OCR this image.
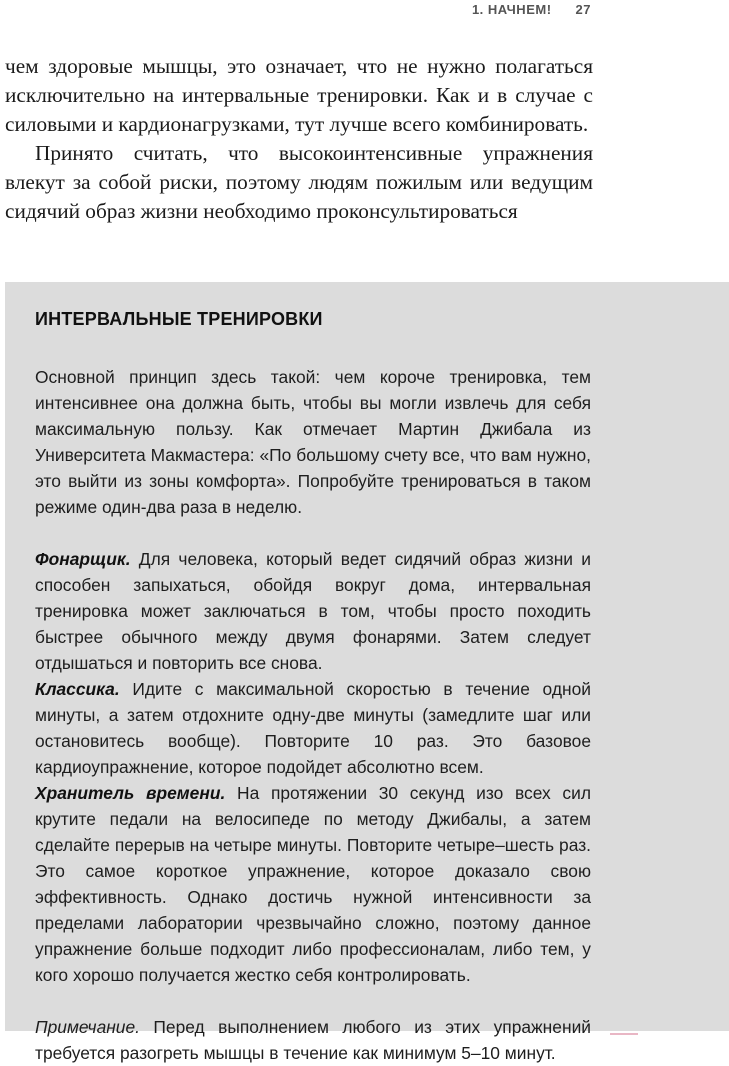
1. НАЧНЕМ! 27

чем здоровые мышцы, это означает, что не нужно полагаться исключительно на интервальные тренировки. Как и в случае с силовыми и кардионагрузками, тут лучше всего комбинировать.

Принято считать, что высокоинтенсивные упражнения влекут за собой риски, поэтому людям пожилым или ведущим сидячий образ жизни необходимо проконсультироваться

ИНТЕРВАЛЬНЫЕ ТРЕНИРОВКИ

Основной принцип здесь такой: чем короче тренировка, тем интенсивнее она должна быть, чтобы вы могли извлечь для себя максимальную пользу. Как отмечает Мартин Джибала из Университета Макмастера: «По большому счету все, что вам нужно, это выйти из зоны комфорта». Попробуйте тренироваться в таком режиме один-два раза в неделю.

Фонарщик. Для человека, который ведет сидячий образ жизни и способен запыхаться, обойдя вокруг дома, интервальная тренировка может заключаться в том, чтобы просто походить быстрее обычного между двумя фонарями. Затем следует отдышаться и повторить все снова.

Классика. Идите с максимальной скоростью в течение одной минуты, а затем отдохните одну-две минуты (замедлите шаг или остановитесь вообще). Повторите 10 раз. Это базовое кардиоупражнение, которое подойдет абсолютно всем.

Хранитель времени. На протяжении 30 секунд изо всех сил крутите педали на велосипеде по методу Джибалы, а затем сделайте перерыв на четыре минуты. Повторите четыре–шесть раз. Это самое короткое упражнение, которое доказало свою эффективность. Однако достичь нужной интенсивности за пределами лаборатории чрезвычайно сложно, поэтому данное упражнение больше подходит либо профессионалам, либо тем, у кого хорошо получается жестко себя контролировать.

Примечание. Перед выполнением любого из этих упражнений требуется разогреть мышцы в течение как минимум 5–10 минут.
